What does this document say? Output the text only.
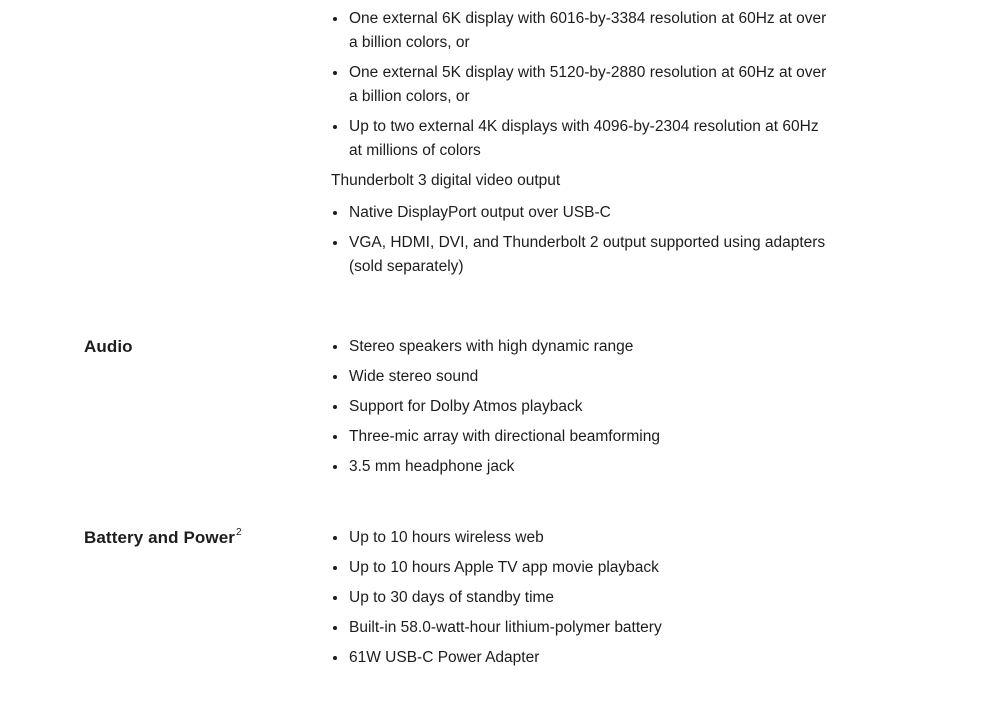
One external 6K display with 6016-by-3384 resolution at 60Hz at over a billion colors, or
One external 5K display with 5120-by-2880 resolution at 60Hz at over a billion colors, or
Up to two external 4K displays with 4096-by-2304 resolution at 60Hz at millions of colors
Thunderbolt 3 digital video output
Native DisplayPort output over USB-C
VGA, HDMI, DVI, and Thunderbolt 2 output supported using adapters (sold separately)
Audio	Stereo speakers with high dynamic range
Wide stereo sound
Support for Dolby Atmos playback
Three-mic array with directional beamforming
3.5 mm headphone jack
Battery and Power$^2$	Up to 10 hours wireless web
Up to 10 hours Apple TV app movie playback
Up to 30 days of standby time
Built-in 58.0-watt-hour lithium-polymer battery
61W USB-C Power Adapter
